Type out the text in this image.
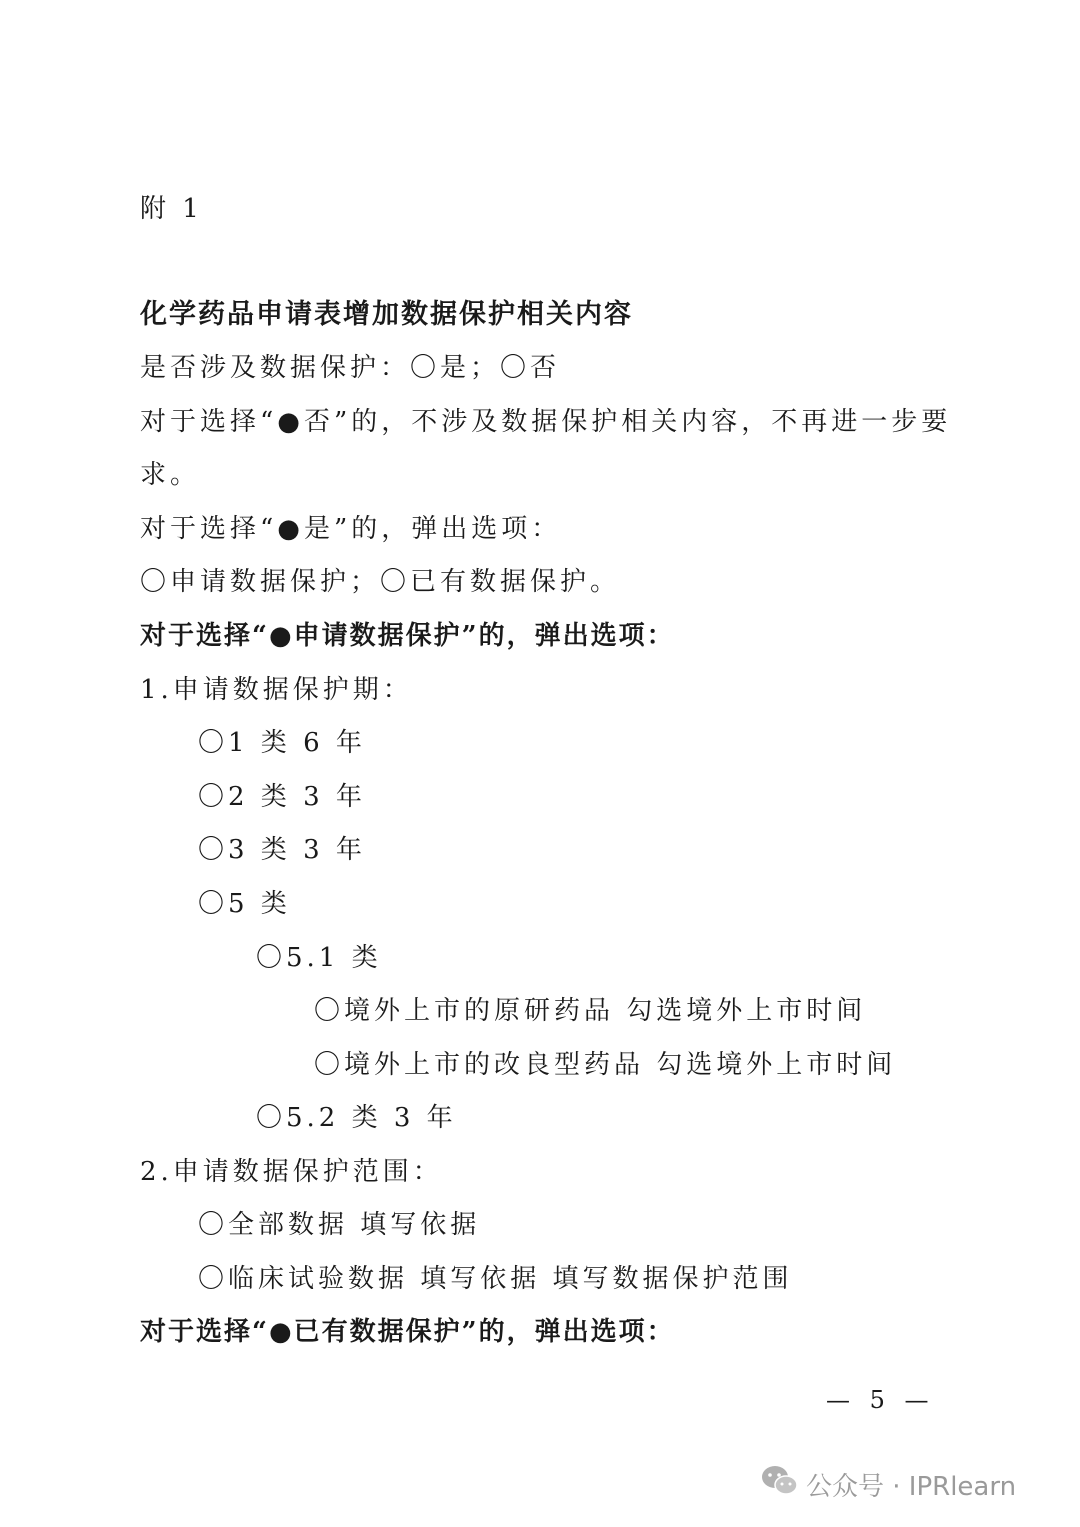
附 1
化学药品申请表增加数据保护相关内容
是否涉及数据保护：〇是；〇否
对于选择“●否”的，不涉及数据保护相关内容，不再进一步要
求。
对于选择“●是”的，弹出选项：
〇申请数据保护；〇已有数据保护。
对于选择“●申请数据保护”的，弹出选项：
1.申请数据保护期：
〇1 类 6 年
〇2 类 3 年
〇3 类 3 年
〇5 类
〇5.1 类
〇境外上市的原研药品 勾选境外上市时间
〇境外上市的改良型药品 勾选境外上市时间
〇5.2 类 3 年
2.申请数据保护范围：
〇全部数据 填写依据
〇临床试验数据 填写依据 填写数据保护范围
对于选择“●已有数据保护”的，弹出选项：
— 5 —
公众号 · IPRlearn
